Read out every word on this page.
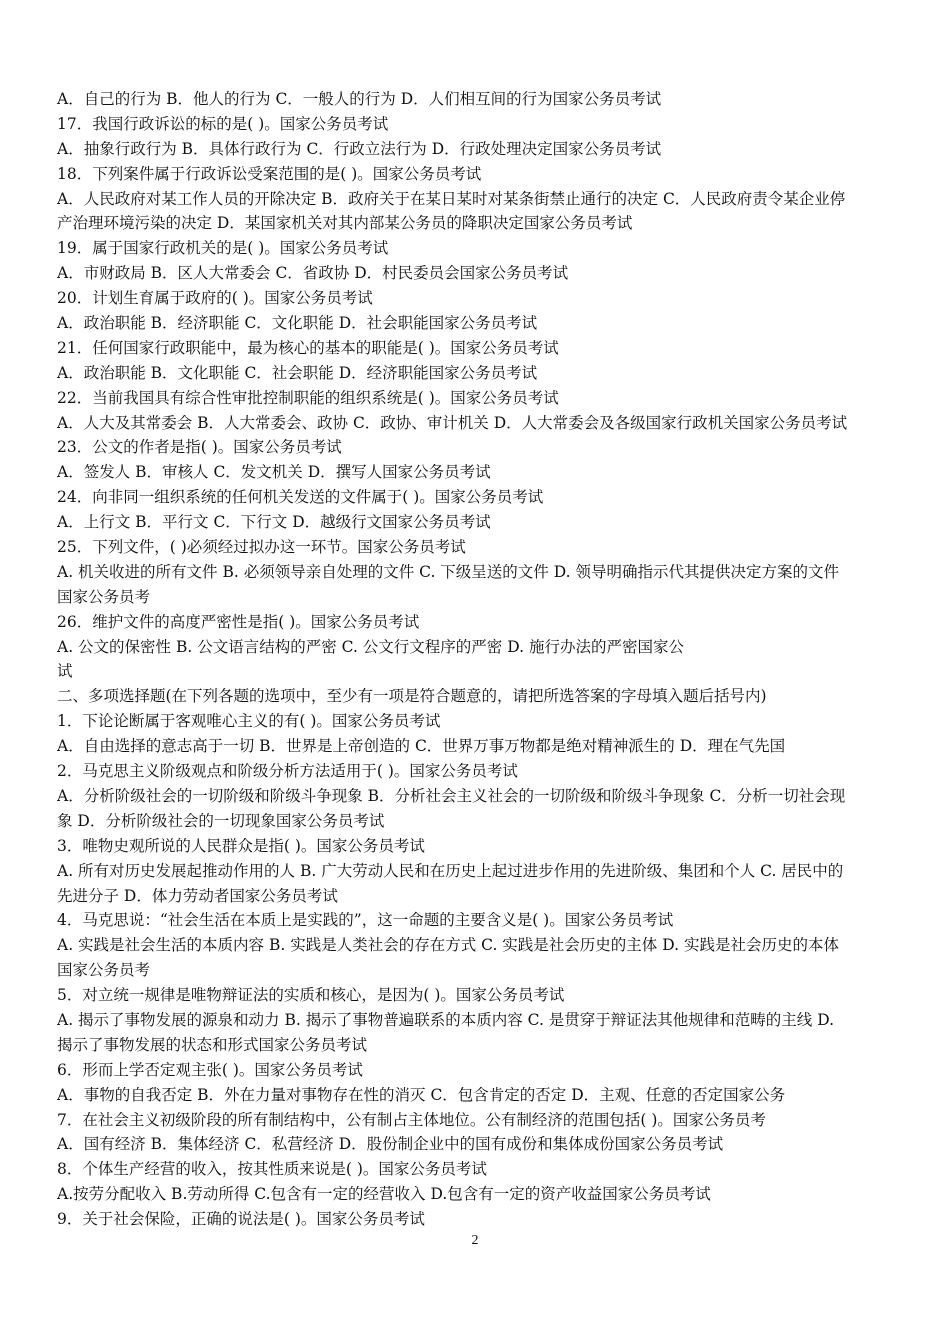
A．自己的行为 B．他人的行为 C．一般人的行为 D．人们相互间的行为国家公务员考试
17．我国行政诉讼的标的是( )。国家公务员考试
A．抽象行政行为 B．具体行政行为 C．行政立法行为 D．行政处理决定国家公务员考试
18．下列案件属于行政诉讼受案范围的是( )。国家公务员考试
A．人民政府对某工作人员的开除决定 B．政府关于在某日某时对某条街禁止通行的决定 C．人民政府责令某企业停
产治理环境污染的决定 D．某国家机关对其内部某公务员的降职决定国家公务员考试
19．属于国家行政机关的是( )。国家公务员考试
A．市财政局 B．区人大常委会 C．省政协 D．村民委员会国家公务员考试
20．计划生育属于政府的( )。国家公务员考试
A．政治职能 B．经济职能 C．文化职能 D．社会职能国家公务员考试
21．任何国家行政职能中，最为核心的基本的职能是( )。国家公务员考试
A．政治职能 B．文化职能 C．社会职能 D．经济职能国家公务员考试
22．当前我国具有综合性审批控制职能的组织系统是( )。国家公务员考试
A．人大及其常委会 B．人大常委会、政协 C．政协、审计机关 D．人大常委会及各级国家行政机关国家公务员考试
23．公文的作者是指( )。国家公务员考试
A．签发人 B．审核人 C．发文机关 D．撰写人国家公务员考试
24．向非同一组织系统的任何机关发送的文件属于( )。国家公务员考试
A．上行文 B．平行文 C．下行文 D．越级行文国家公务员考试
25．下列文件，( )必须经过拟办这一环节。国家公务员考试
A. 机关收进的所有文件 B. 必须领导亲自处理的文件 C. 下级呈送的文件 D. 领导明确指示代其提供决定方案的文件
国家公务员考
26．维护文件的高度严密性是指( )。国家公务员考试
A. 公文的保密性 B. 公文语言结构的严密 C. 公文行文程序的严密 D. 施行办法的严密国家公
试
二、多项选择题(在下列各题的选项中，至少有一项是符合题意的，请把所选答案的字母填入题后括号内)
1．下论论断属于客观唯心主义的有( )。国家公务员考试
A．自由选择的意志高于一切 B．世界是上帝创造的 C．世界万事万物都是绝对精神派生的 D．理在气先国
2．马克思主义阶级观点和阶级分析方法适用于( )。国家公务员考试
A．分析阶级社会的一切阶级和阶级斗争现象 B．分析社会主义社会的一切阶级和阶级斗争现象 C．分析一切社会现
象 D．分析阶级社会的一切现象国家公务员考试
3．唯物史观所说的人民群众是指( )。国家公务员考试
A. 所有对历史发展起推动作用的人 B. 广大劳动人民和在历史上起过进步作用的先进阶级、集团和个人 C. 居民中的
先进分子 D．体力劳动者国家公务员考试
4．马克思说：“社会生活在本质上是实践的”，这一命题的主要含义是( )。国家公务员考试
A. 实践是社会生活的本质内容 B. 实践是人类社会的存在方式 C. 实践是社会历史的主体 D. 实践是社会历史的本体
国家公务员考
5．对立统一规律是唯物辩证法的实质和核心，是因为( )。国家公务员考试
A. 揭示了事物发展的源泉和动力 B. 揭示了事物普遍联系的本质内容 C. 是贯穿于辩证法其他规律和范畴的主线 D.
揭示了事物发展的状态和形式国家公务员考试
6．形而上学否定观主张( )。国家公务员考试
A．事物的自我否定 B．外在力量对事物存在性的消灭 C．包含肯定的否定 D．主观、任意的否定国家公务
7．在社会主义初级阶段的所有制结构中，公有制占主体地位。公有制经济的范围包括( )。国家公务员考
A．国有经济 B．集体经济 C．私营经济 D．股份制企业中的国有成份和集体成份国家公务员考试
8．个体生产经营的收入，按其性质来说是( )。国家公务员考试
A.按劳分配收入 B.劳动所得 C.包含有一定的经营收入 D.包含有一定的资产收益国家公务员考试
9．关于社会保险，正确的说法是( )。国家公务员考试
2
